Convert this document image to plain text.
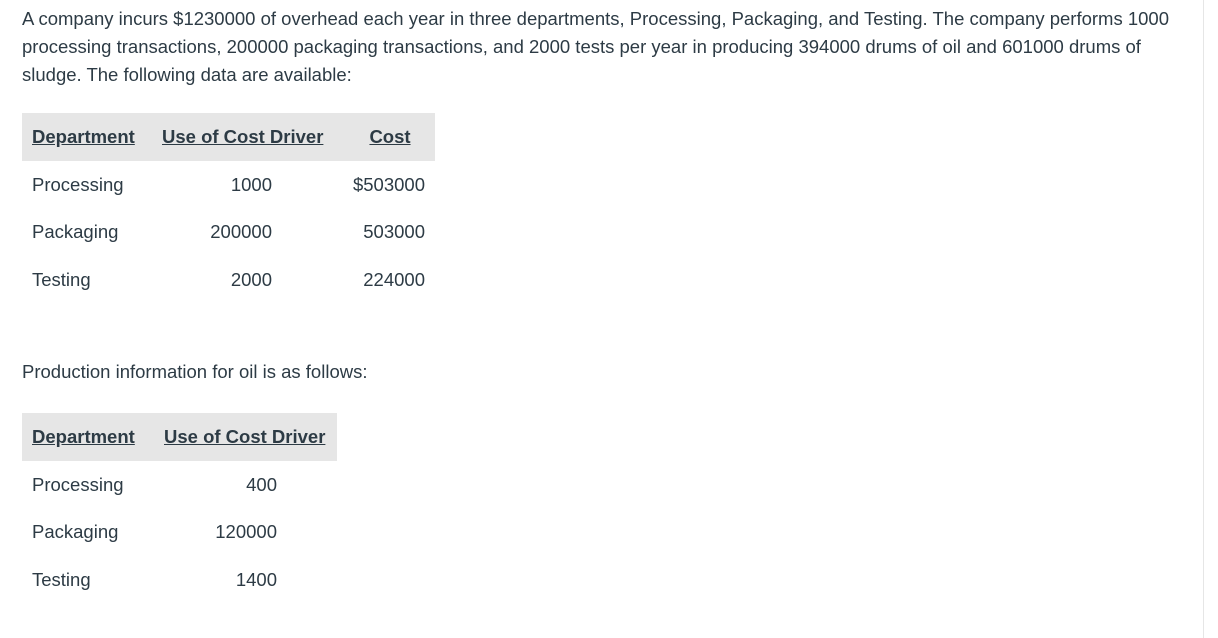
A company incurs $1230000 of overhead each year in three departments, Processing, Packaging, and Testing. The company performs 1000 processing transactions, 200000 packaging transactions, and 2000 tests per year in producing 394000 drums of oil and 601000 drums of sludge. The following data are available:

Department	Use of Cost Driver	Cost
Processing	1000	$503000
Packaging	200000	503000
Testing	2000	224000

Production information for oil is as follows:

Department	Use of Cost Driver
Processing	400
Packaging	120000
Testing	1400
